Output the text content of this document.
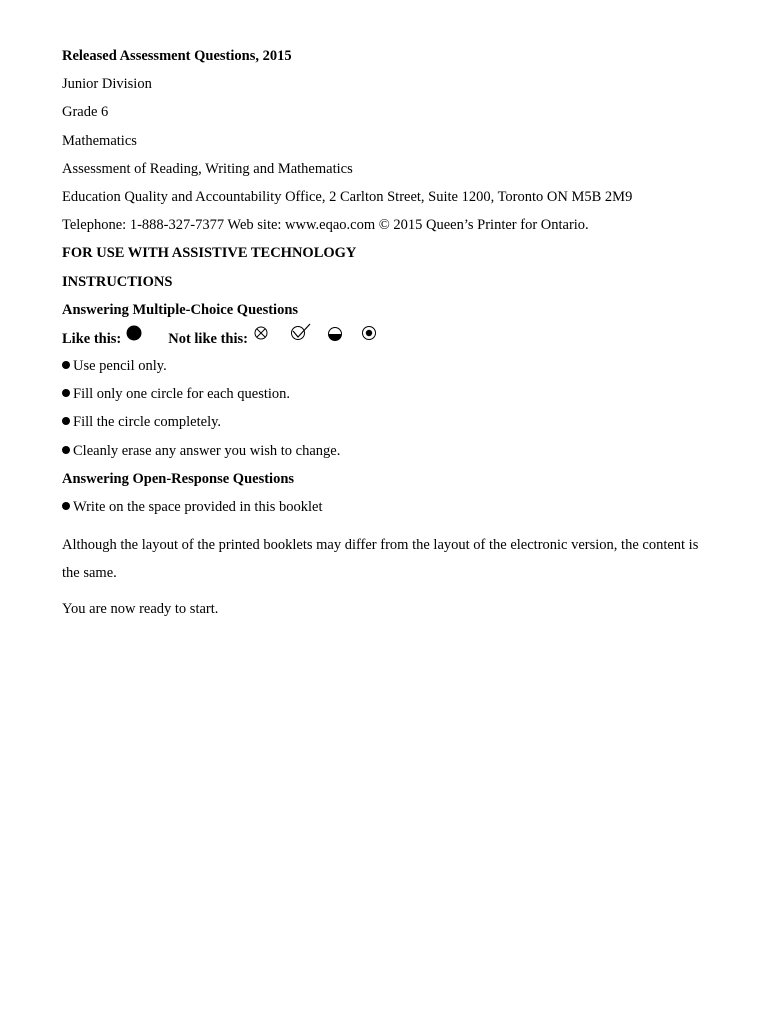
Released Assessment Questions, 2015
Junior Division
Grade 6
Mathematics
Assessment of Reading, Writing and Mathematics
Education Quality and Accountability Office, 2 Carlton Street, Suite 1200, Toronto ON M5B 2M9
Telephone: 1-888-327-7377 Web site: www.eqao.com © 2015 Queen’s Printer for Ontario.
FOR USE WITH ASSISTIVE TECHNOLOGY
INSTRUCTIONS
Answering Multiple-Choice Questions
Like this:	Not like this:
Use pencil only.
Fill only one circle for each question.
Fill the circle completely.
Cleanly erase any answer you wish to change.
Answering Open-Response Questions
Write on the space provided in this booklet
Although the layout of the printed booklets may differ from the layout of the electronic version, the content is the same.
You are now ready to start.
